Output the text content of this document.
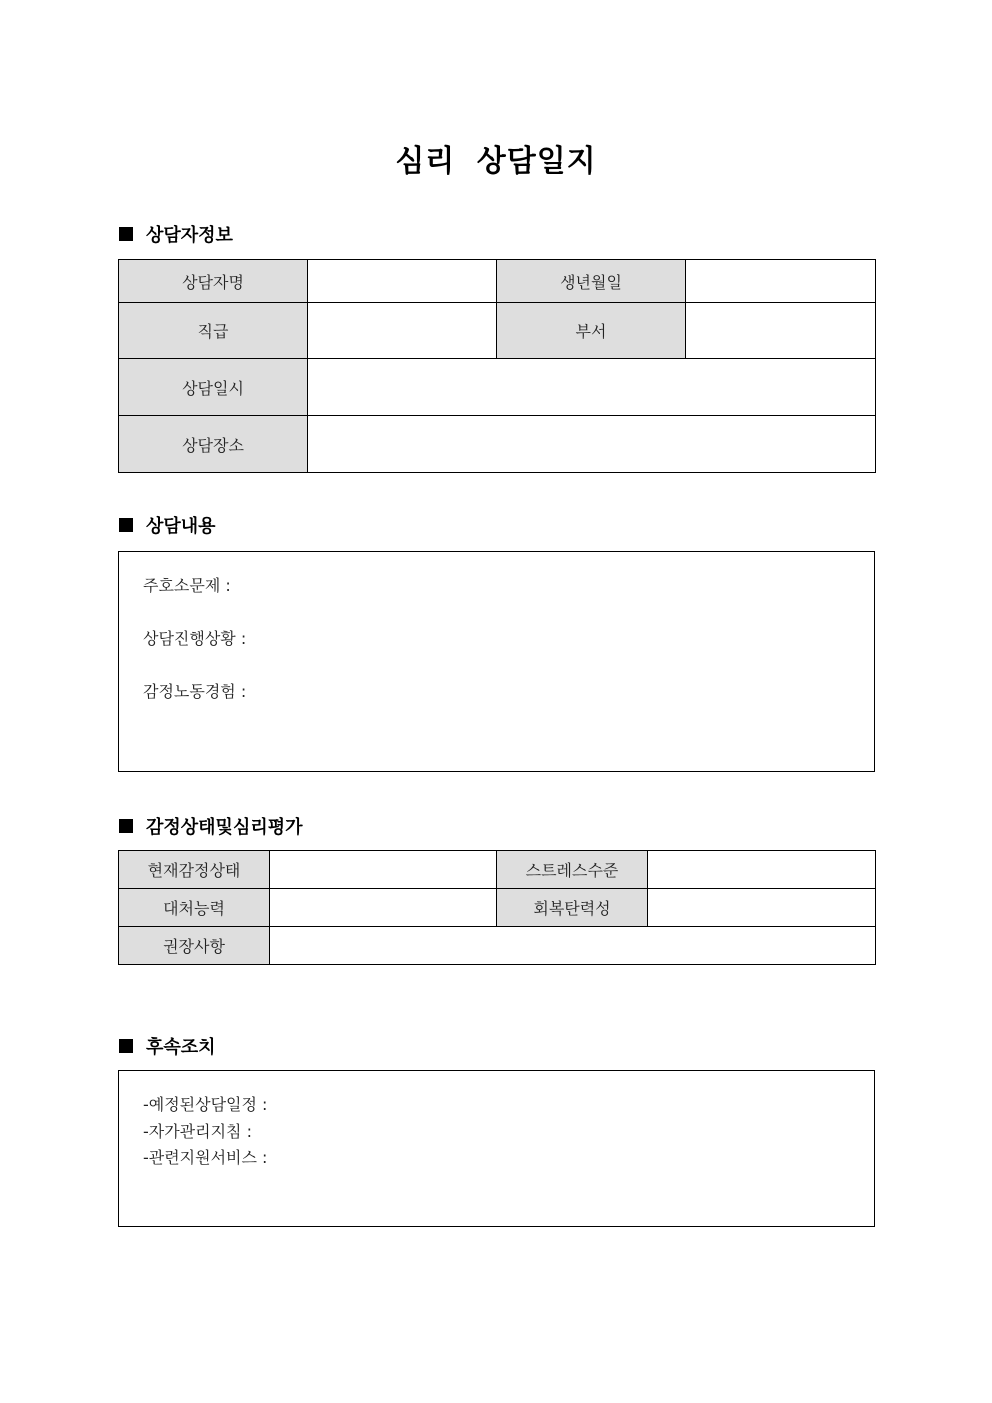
심리 상담일지
상담자정보
상담자명		생년월일	
직급		부서	
상담일시			
상담장소			
상담내용
주호소문제 :
상담진행상황 :
감정노동경험 :
감정상태및심리평가
현재감정상태		스트레스수준	
대처능력		회복탄력성	
권장사항			
후속조치
-예정된상담일정 :
-자가관리지침 :
-관련지원서비스 :
